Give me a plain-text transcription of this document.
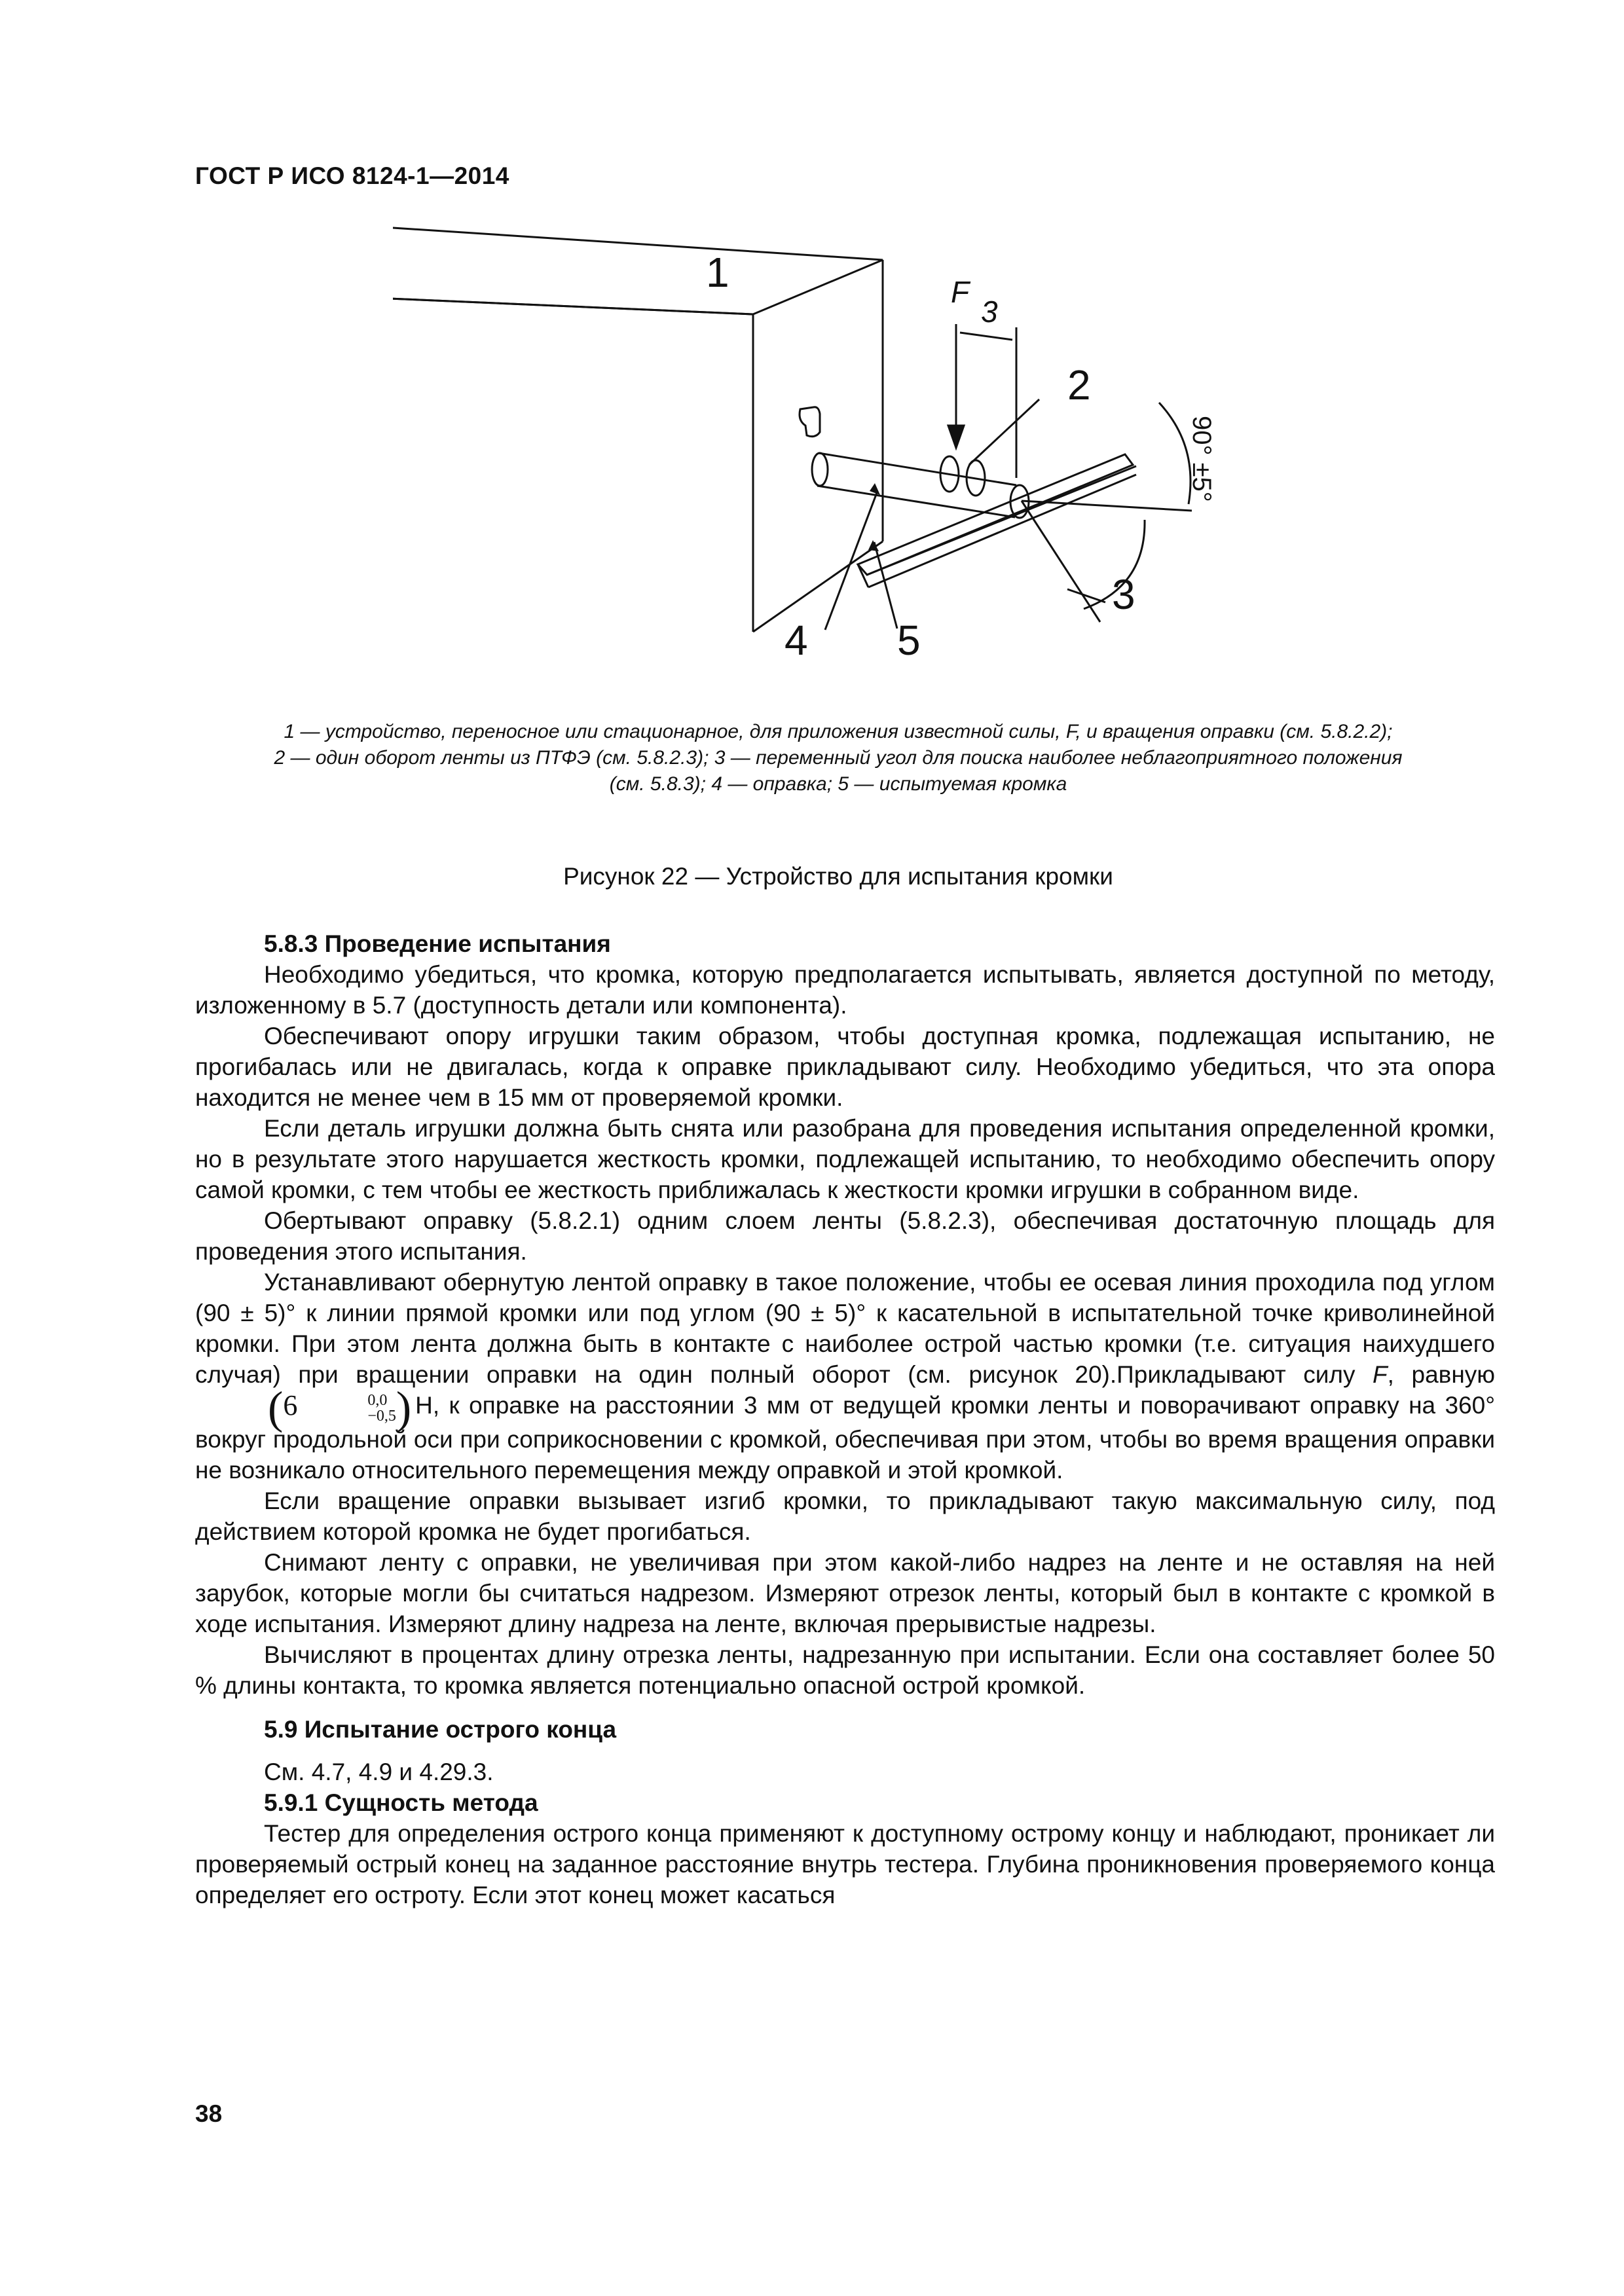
ГОСТ Р ИСО 8124-1—2014
1
2
3
4 5
F
3
90° ±5°
1 — устройство, переносное или стационарное, для приложения известной силы, F, и вращения оправки (см. 5.8.2.2);
2 — один оборот ленты из ПТФЭ (см. 5.8.2.3); 3 — переменный угол для поиска наиболее неблагоприятного положения
(см. 5.8.3); 4 — оправка; 5 — испытуемая кромка
Рисунок 22 — Устройство для испытания кромки
5.8.3 Проведение испытания

Необходимо убедиться, что кромка, которую предполагается испытывать, является доступной по методу, изложенному в 5.7 (доступность детали или компонента).

Обеспечивают опору игрушки таким образом, чтобы доступная кромка, подлежащая испытанию, не прогибалась или не двигалась, когда к оправке прикладывают силу. Необходимо убедиться, что эта опора находится не менее чем в 15 мм от проверяемой кромки.

Если деталь игрушки должна быть снята или разобрана для проведения испытания определенной кромки, но в результате этого нарушается жесткость кромки, подлежащей испытанию, то необходимо обеспечить опору самой кромки, с тем чтобы ее жесткость приближалась к жесткости кромки игрушки в собранном виде.

Обертывают оправку (5.8.2.1) одним слоем ленты (5.8.2.3), обеспечивая достаточную площадь для проведения этого испытания.

Устанавливают обернутую лентой оправку в такое положение, чтобы ее осевая линия проходила под углом (90 ± 5)° к линии прямой кромки или под углом (90 ± 5)° к касательной в испытательной точке криволинейной кромки. При этом лента должна быть в контакте с наиболее острой частью кромки (т.е. ситуация наихудшего случая) при вращении оправки на один полный оборот (см. рисунок 20).Прикладывают силу F, равную(6	0,0
−0,5 ) Н, к оправке на расстоянии 3 мм от ведущей кромки ленты и поворачивают оправку на 360° вокруг продольной оси при соприкосновении с кромкой, обеспечивая при этом, чтобы во время вращения оправки не возникало относительного перемещения между оправкой и этой кромкой.

Если вращение оправки вызывает изгиб кромки, то прикладывают такую максимальную силу, под действием которой кромка не будет прогибаться.

Снимают ленту с оправки, не увеличивая при этом какой-либо надрез на ленте и не оставляя на ней зарубок, которые могли бы считаться надрезом. Измеряют отрезок ленты, который был в контакте с кромкой в ходе испытания. Измеряют длину надреза на ленте, включая прерывистые надрезы.

Вычисляют в процентах длину отрезка ленты, надрезанную при испытании. Если она составляет более 50 % длины контакта, то кромка является потенциально опасной острой кромкой.

5.9 Испытание острого конца

См. 4.7, 4.9 и 4.29.3.

5.9.1 Сущность метода

Тестер для определения острого конца применяют к доступному острому концу и наблюдают, проникает ли проверяемый острый конец на заданное расстояние внутрь тестера. Глубина проникновения проверяемого конца определяет его остроту. Если этот конец может касаться

38
